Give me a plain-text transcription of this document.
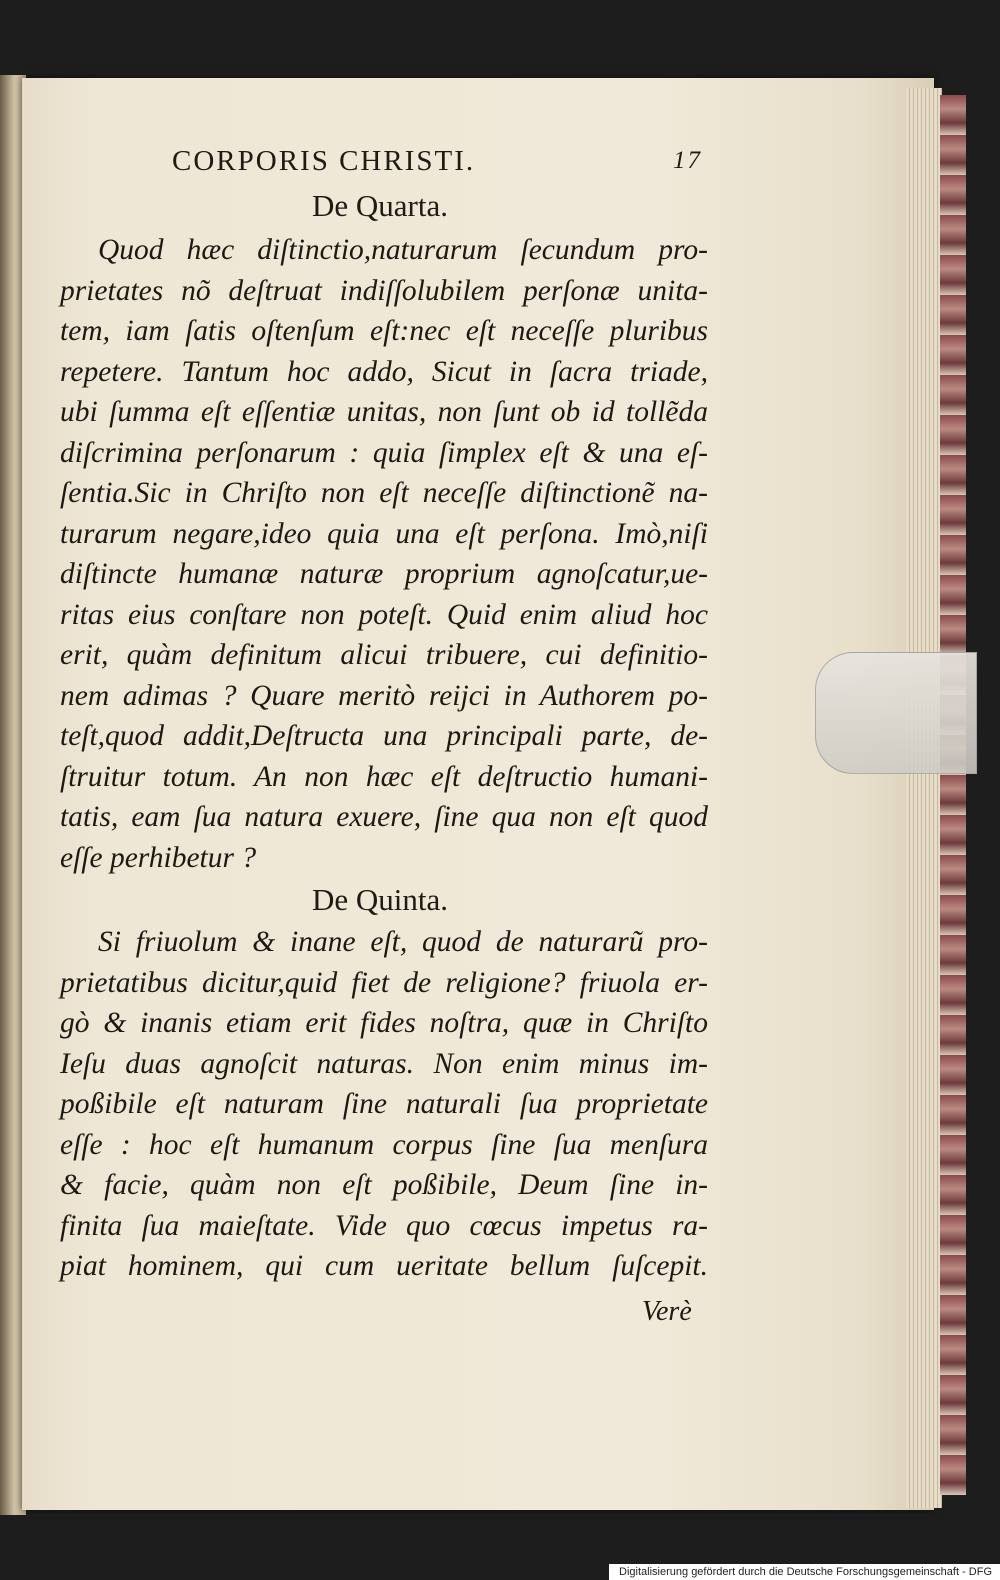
CORPORIS CHRISTI.	17
De Quarta.
Quod hæc diſtinctio,naturarum ſecundum pro-
prietates nõ deſtruat indiſſolubilem perſonæ unita-
tem, iam ſatis oſtenſum eſt:nec eſt neceſſe pluribus
repetere. Tantum hoc addo, Sicut in ſacra triade,
ubi ſumma eſt eſſentiæ unitas, non ſunt ob id tollẽda
diſcrimina perſonarum : quia ſimplex eſt & una eſ-
ſentia.Sic in Chriſto non eſt neceſſe diſtinctionẽ na-
turarum negare,ideo quia una eſt perſona. Imò,niſi
diſtincte humanæ naturæ proprium agnoſcatur,ue-
ritas eius conſtare non poteſt. Quid enim aliud hoc
erit, quàm definitum alicui tribuere, cui definitio-
nem adimas ? Quare meritò reijci in Authorem po-
teſt,quod addit,Deſtructa una principali parte, de-
ſtruitur totum. An non hæc eſt deſtructio humani-
tatis, eam ſua natura exuere, ſine qua non eſt quod
eſſe perhibetur ?
De Quinta.
Si friuolum & inane eſt, quod de naturarũ pro-
prietatibus dicitur,quid fiet de religione? friuola er-
gò & inanis etiam erit fides noſtra, quæ in Chriſto
Ieſu duas agnoſcit naturas. Non enim minus im-
poßibile eſt naturam ſine naturali ſua proprietate
eſſe : hoc eſt humanum corpus ſine ſua menſura
& facie, quàm non eſt poßibile, Deum ſine in-
finita ſua maieſtate. Vide quo cœcus impetus ra-
piat hominem, qui cum ueritate bellum ſuſcepit.
Verè
Digitalisierung gefördert durch die Deutsche Forschungsgemeinschaft - DFG
